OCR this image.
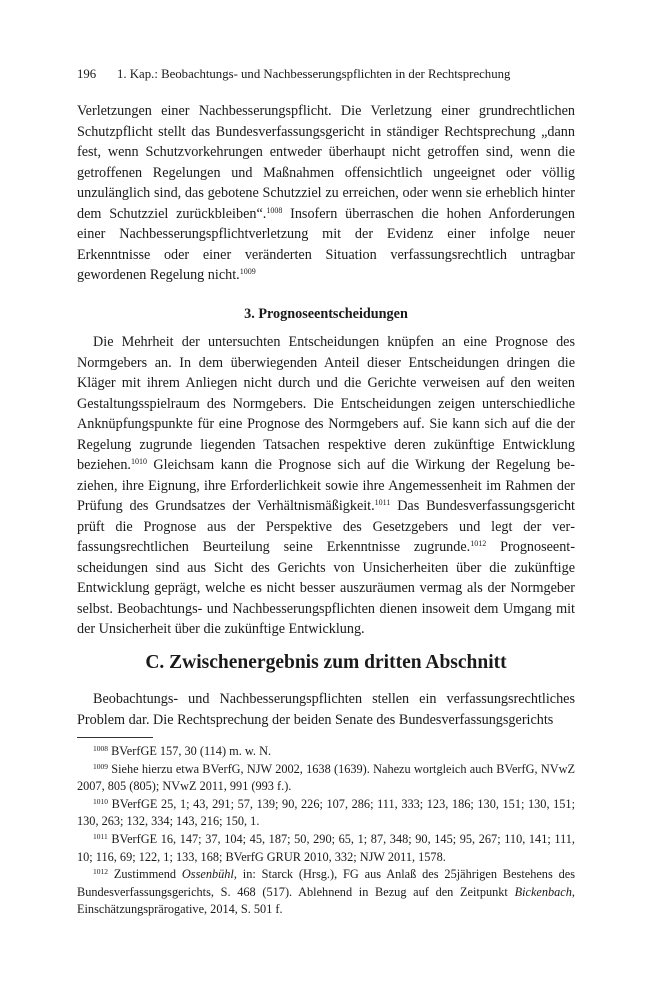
196 1. Kap.: Beobachtungs- und Nachbesserungspflichten in der Rechtsprechung

Verletzungen einer Nachbesserungspflicht. Die Verletzung einer grundrechtlichen Schutzpflicht stellt das Bundesverfassungsgericht in ständiger Rechtsprechung „dann fest, wenn Schutzvorkehrungen entweder überhaupt nicht getroffen sind, wenn die getroffenen Regelungen und Maßnahmen offensichtlich ungeeignet oder völlig unzulänglich sind, das gebotene Schutzziel zu erreichen, oder wenn sie erheblich hinter dem Schutzziel zurückbleiben“.$^{1008}$ Insofern überraschen die hohen Anforderungen einer Nachbesserungspflichtverletzung mit der Evidenz einer infolge neuer Erkenntnisse oder einer veränderten Situation verfassungsrechtlich untragbar gewordenen Regelung nicht.$^{1009}$

3. Prognoseentscheidungen

Die Mehrheit der untersuchten Entscheidungen knüpfen an eine Prognose des Normgebers an. In dem überwiegenden Anteil dieser Entscheidungen dringen die Kläger mit ihrem Anliegen nicht durch und die Gerichte verweisen auf den weiten Gestaltungsspielraum des Normgebers. Die Entscheidungen zeigen unterschiedliche Anknüpfungspunkte für eine Prognose des Normgebers auf. Sie kann sich auf die der Regelung zugrunde liegenden Tatsachen respektive deren zukünftige Entwicklung beziehen.$^{1010}$ Gleichsam kann die Prognose sich auf die Wirkung der Regelung beziehen, ihre Eignung, ihre Erforderlichkeit sowie ihre Angemessenheit im Rahmen der Prüfung des Grundsatzes der Verhältnismäßigkeit.$^{1011}$ Das Bundesverfassungsgericht prüft die Prognose aus der Perspektive des Gesetzgebers und legt der verfassungsrechtlichen Beurteilung seine Erkenntnisse zugrunde.$^{1012}$ Prognoseentscheidungen sind aus Sicht des Gerichts von Unsicherheiten über die zukünftige Entwicklung geprägt, welche es nicht besser auszuräumen vermag als der Normgeber selbst. Beobachtungs- und Nachbesserungspflichten dienen insoweit dem Umgang mit der Unsicherheit über die zukünftige Entwicklung.

C. Zwischenergebnis zum dritten Abschnitt

Beobachtungs- und Nachbesserungspflichten stellen ein verfassungsrechtliches Problem dar. Die Rechtsprechung der beiden Senate des Bundesverfassungsgerichts

$^{1008}$ BVerfGE 157, 30 (114) m. w. N.

$^{1009}$ Siehe hierzu etwa BVerfG, NJW 2002, 1638 (1639). Nahezu wortgleich auch BVerfG, NVwZ 2007, 805 (805); NVwZ 2011, 991 (993 f.).

$^{1010}$ BVerfGE 25, 1; 43, 291; 57, 139; 90, 226; 107, 286; 111, 333; 123, 186; 130, 151; 130, 151; 130, 263; 132, 334; 143, 216; 150, 1.

$^{1011}$ BVerfGE 16, 147; 37, 104; 45, 187; 50, 290; 65, 1; 87, 348; 90, 145; 95, 267; 110, 141; 111, 10; 116, 69; 122, 1; 133, 168; BVerfG GRUR 2010, 332; NJW 2011, 1578.

$^{1012}$ Zustimmend Ossenbühl, in: Starck (Hrsg.), FG aus Anlaß des 25jährigen Bestehens des Bundesverfassungsgerichts, S. 468 (517). Ablehnend in Bezug auf den Zeitpunkt Bickenbach, Einschätzungsprärogative, 2014, S. 501 f.
